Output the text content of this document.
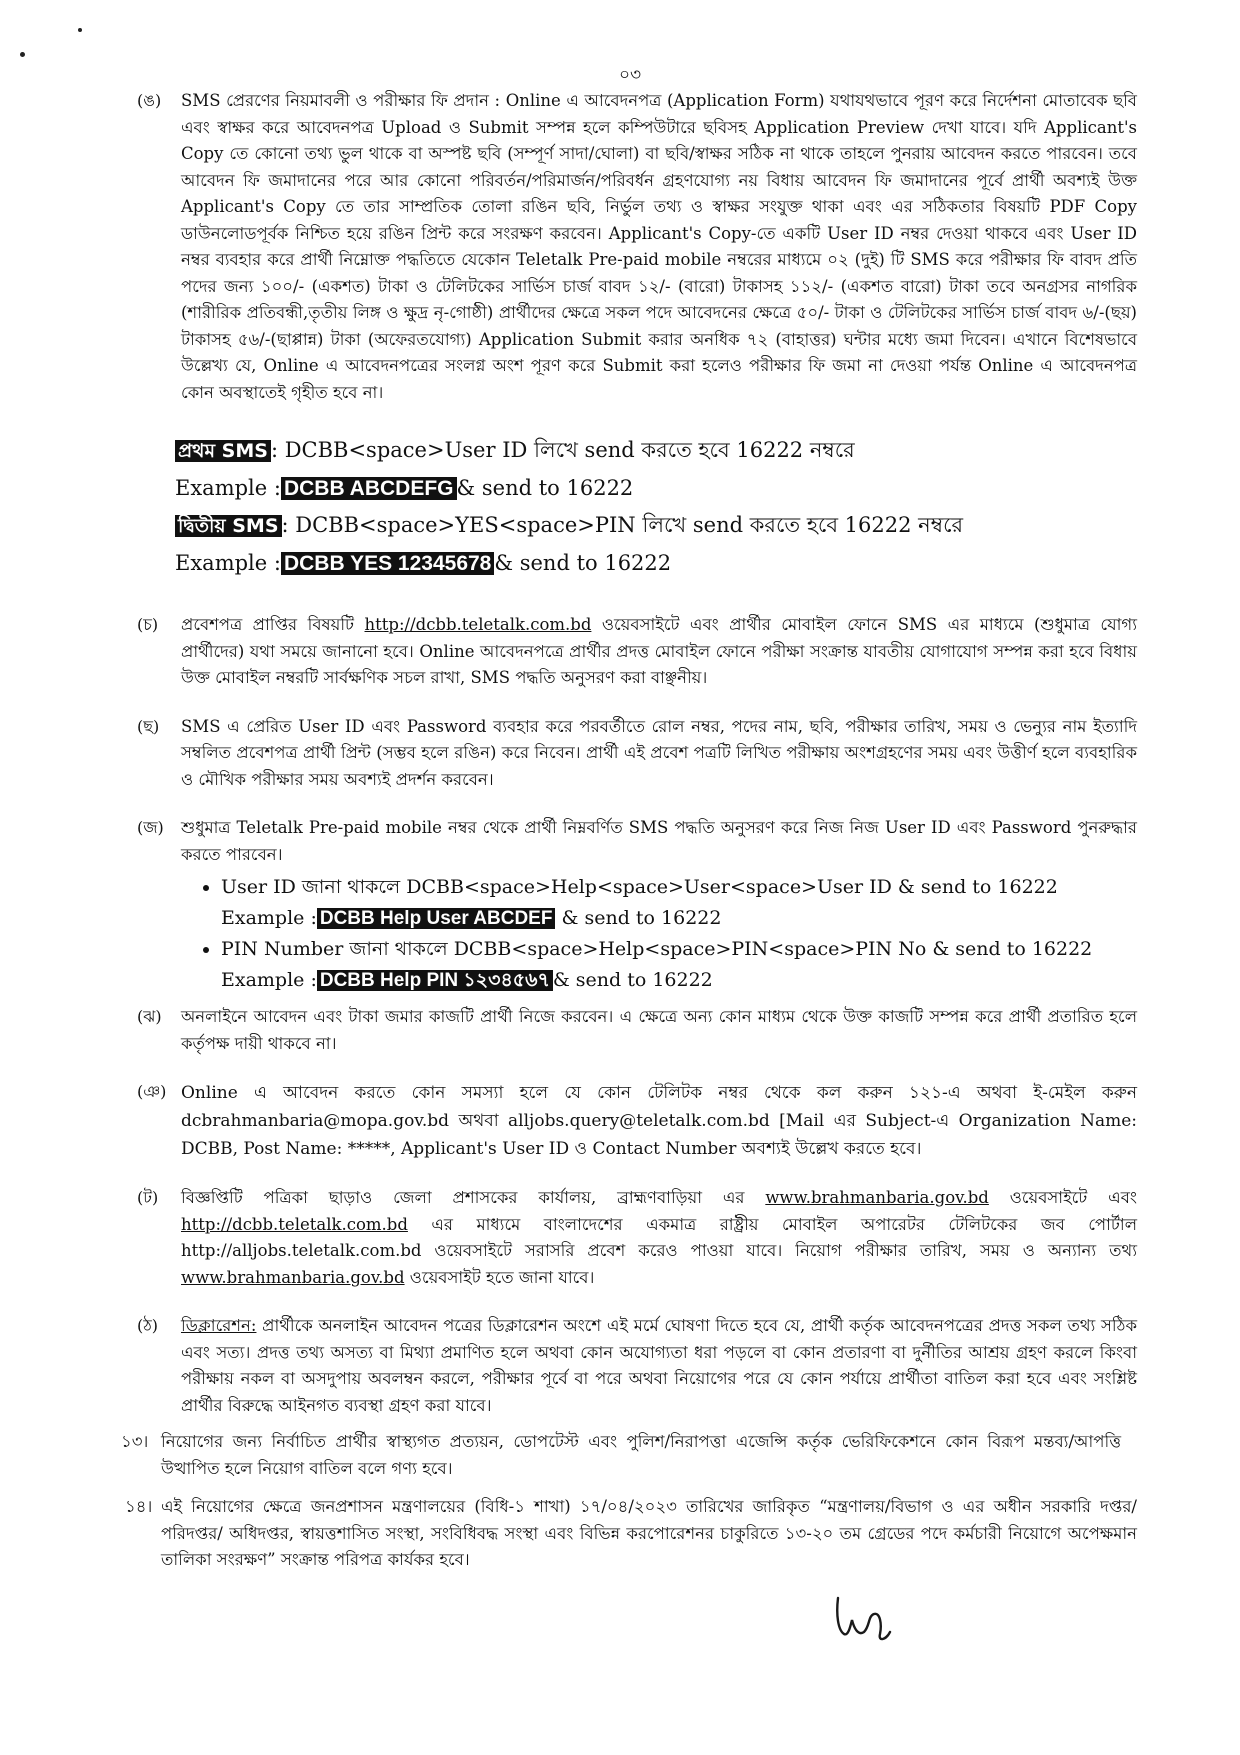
০৩
(ঙ) SMS প্রেরণের নিয়মাবলী ও পরীক্ষার ফি প্রদান : Online এ আবেদনপত্র (Application Form) যথাযথভাবে পূরণ করে নির্দেশনা মোতাবেক ছবি এবং স্বাক্ষর করে আবেদনপত্র Upload ও Submit সম্পন্ন হলে কম্পিউটারে ছবিসহ Application Preview দেখা যাবে। যদি Applicant's Copy তে কোনো তথ্য ভুল থাকে বা অস্পষ্ট ছবি (সম্পূর্ণ সাদা/ঘোলা) বা ছবি/স্বাক্ষর সঠিক না থাকে তাহলে পুনরায় আবেদন করতে পারবেন। তবে আবেদন ফি জমাদানের পরে আর কোনো পরিবর্তন/পরিমার্জন/পরিবর্ধন গ্রহণযোগ্য নয় বিধায় আবেদন ফি জমাদানের পূর্বে প্রার্থী অবশ্যই উক্ত Applicant's Copy তে তার সাম্প্রতিক তোলা রঙিন ছবি, নির্ভুল তথ্য ও স্বাক্ষর সংযুক্ত থাকা এবং এর সঠিকতার বিষয়টি PDF Copy ডাউনলোডপূর্বক নিশ্চিত হয়ে রঙিন প্রিন্ট করে সংরক্ষণ করবেন। Applicant's Copy-তে একটি User ID নম্বর দেওয়া থাকবে এবং User ID নম্বর ব্যবহার করে প্রার্থী নিম্নোক্ত পদ্ধতিতে যেকোন Teletalk Pre-paid mobile নম্বরের মাধ্যমে ০২ (দুই) টি SMS করে পরীক্ষার ফি বাবদ প্রতি পদের জন্য ১০০/- (একশত) টাকা ও টেলিটকের সার্ভিস চার্জ বাবদ ১২/- (বারো) টাকাসহ ১১২/- (একশত বারো) টাকা তবে অনগ্রসর নাগরিক (শারীরিক প্রতিবন্ধী,তৃতীয় লিঙ্গ ও ক্ষুদ্র নৃ-গোষ্ঠী) প্রার্থীদের ক্ষেত্রে সকল পদে আবেদনের ক্ষেত্রে ৫০/- টাকা ও টেলিটকের সার্ভিস চার্জ বাবদ ৬/-(ছয়) টাকাসহ ৫৬/-(ছাপ্পান্ন) টাকা (অফেরতযোগ্য) Application Submit করার অনধিক ৭২ (বাহাত্তর) ঘন্টার মধ্যে জমা দিবেন। এখানে বিশেষভাবে উল্লেখ্য যে, Online এ আবেদনপত্রের সংলগ্ন অংশ পূরণ করে Submit করা হলেও পরীক্ষার ফি জমা না দেওয়া পর্যন্ত Online এ আবেদনপত্র কোন অবস্থাতেই গৃহীত হবে না।

প্রথম SMS : DCBB<space>User ID লিখে send করতে হবে 16222 নম্বরে
Example : DCBB ABCDEFG & send to 16222
দ্বিতীয় SMS : DCBB<space>YES<space>PIN লিখে send করতে হবে 16222 নম্বরে
Example : DCBB YES 12345678 & send to 16222
(চ) প্রবেশপত্র প্রাপ্তির বিষয়টি http://dcbb.teletalk.com.bd ওয়েবসাইটে এবং প্রার্থীর মোবাইল ফোনে SMS এর মাধ্যমে (শুধুমাত্র যোগ্য প্রার্থীদের) যথা সময়ে জানানো হবে। Online আবেদনপত্রে প্রার্থীর প্রদত্ত মোবাইল ফোনে পরীক্ষা সংক্রান্ত যাবতীয় যোগাযোগ সম্পন্ন করা হবে বিধায় উক্ত মোবাইল নম্বরটি সার্বক্ষণিক সচল রাখা, SMS পদ্ধতি অনুসরণ করা বাঞ্ছনীয়।

(ছ) SMS এ প্রেরিত User ID এবং Password ব্যবহার করে পরবর্তীতে রোল নম্বর, পদের নাম, ছবি, পরীক্ষার তারিখ, সময় ও ভেন্যুর নাম ইত্যাদি সম্বলিত প্রবেশপত্র প্রার্থী প্রিন্ট (সম্ভব হলে রঙিন) করে নিবেন। প্রার্থী এই প্রবেশ পত্রটি লিখিত পরীক্ষায় অংশগ্রহণের সময় এবং উত্তীর্ণ হলে ব্যবহারিক ও মৌখিক পরীক্ষার সময় অবশ্যই প্রদর্শন করবেন।

(জ) শুধুমাত্র Teletalk Pre-paid mobile নম্বর থেকে প্রার্থী নিম্নবর্ণিত SMS পদ্ধতি অনুসরণ করে নিজ নিজ User ID এবং Password পুনরুদ্ধার করতে পারবেন।

• User ID জানা থাকলে DCBB<space>Help<space>User<space>User ID & send to 16222
Example : DCBB Help User ABCDEF & send to 16222
• PIN Number জানা থাকলে DCBB<space>Help<space>PIN<space>PIN No & send to 16222
Example : DCBB Help PIN ১২৩৪৫৬৭ & send to 16222
(ঝ) অনলাইনে আবেদন এবং টাকা জমার কাজটি প্রার্থী নিজে করবেন। এ ক্ষেত্রে অন্য কোন মাধ্যম থেকে উক্ত কাজটি সম্পন্ন করে প্রার্থী প্রতারিত হলে কর্তৃপক্ষ দায়ী থাকবে না।

(ঞ) Online এ আবেদন করতে কোন সমস্যা হলে যে কোন টেলিটক নম্বর থেকে কল করুন ১২১-এ অথবা ই-মেইল করুন dcbrahmanbaria@mopa.gov.bd অথবা alljobs.query@teletalk.com.bd [Mail এর Subject-এ Organization Name: DCBB, Post Name: *****, Applicant's User ID ও Contact Number অবশ্যই উল্লেখ করতে হবে।

(ট) বিজ্ঞপ্তিটি পত্রিকা ছাড়াও জেলা প্রশাসকের কার্যালয়, ব্রাহ্মণবাড়িয়া এর www.brahmanbaria.gov.bd ওয়েবসাইটে এবং http://dcbb.teletalk.com.bd এর মাধ্যমে বাংলাদেশের একমাত্র রাষ্ট্রীয় মোবাইল অপারেটর টেলিটকের জব পোর্টাল http://alljobs.teletalk.com.bd ওয়েবসাইটে সরাসরি প্রবেশ করেও পাওয়া যাবে। নিয়োগ পরীক্ষার তারিখ, সময় ও অন্যান্য তথ্য www.brahmanbaria.gov.bd ওয়েবসাইট হতে জানা যাবে।

(ঠ) ডিক্লারেশন: প্রার্থীকে অনলাইন আবেদন পত্রের ডিক্লারেশন অংশে এই মর্মে ঘোষণা দিতে হবে যে, প্রার্থী কর্তৃক আবেদনপত্রের প্রদত্ত সকল তথ্য সঠিক এবং সত্য। প্রদত্ত তথ্য অসত্য বা মিথ্যা প্রমাণিত হলে অথবা কোন অযোগ্যতা ধরা পড়লে বা কোন প্রতারণা বা দুর্নীতির আশ্রয় গ্রহণ করলে কিংবা পরীক্ষায় নকল বা অসদুপায় অবলম্বন করলে, পরীক্ষার পূর্বে বা পরে অথবা নিয়োগের পরে যে কোন পর্যায়ে প্রার্থীতা বাতিল করা হবে এবং সংশ্লিষ্ট প্রার্থীর বিরুদ্ধে আইনগত ব্যবস্থা গ্রহণ করা যাবে।

১৩। নিয়োগের জন্য নির্বাচিত প্রার্থীর স্বাস্থ্যগত প্রত্যয়ন, ডোপটেস্ট এবং পুলিশ/নিরাপত্তা এজেন্সি কর্তৃক ভেরিফিকেশনে কোন বিরূপ মন্তব্য/আপত্তি উত্থাপিত হলে নিয়োগ বাতিল বলে গণ্য হবে।
১৪। এই নিয়োগের ক্ষেত্রে জনপ্রশাসন মন্ত্রণালয়ের (বিধি-১ শাখা) ১৭/০৪/২০২৩ তারিখের জারিকৃত “মন্ত্রণালয়/বিভাগ ও এর অধীন সরকারি দপ্তর/ পরিদপ্তর/ অধিদপ্তর, স্বায়ত্তশাসিত সংস্থা, সংবিধিবদ্ধ সংস্থা এবং বিভিন্ন করপোরেশনর চাকুরিতে ১৩-২০ তম গ্রেডের পদে কর্মচারী নিয়োগে অপেক্ষমান তালিকা সংরক্ষণ” সংক্রান্ত পরিপত্র কার্যকর হবে।
